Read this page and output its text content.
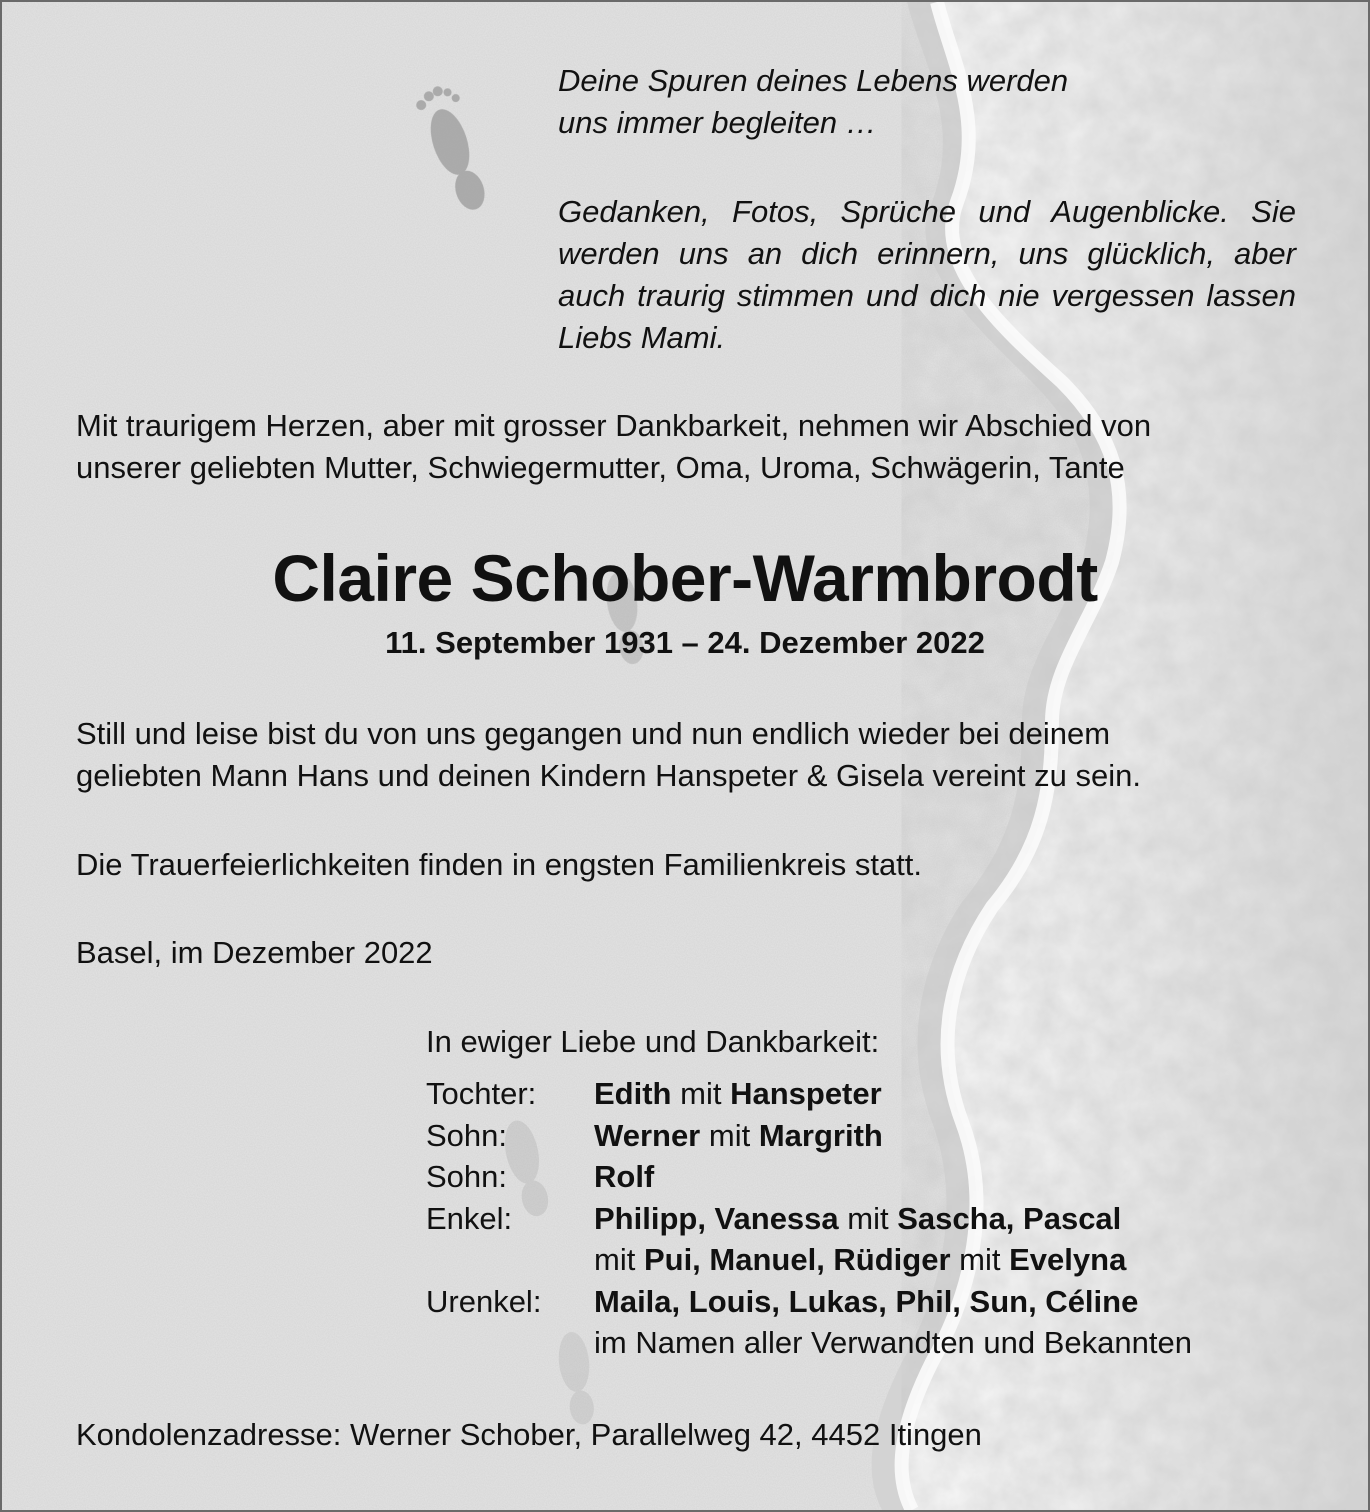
Deine Spuren deines Lebens werden
uns immer begleiten …
Gedanken, Fotos, Sprüche und Augenblicke. Sie werden uns an dich erinnern, uns glücklich, aber auch traurig stimmen und dich nie vergessen lassen Liebs Mami.
Mit traurigem Herzen, aber mit grosser Dankbarkeit, nehmen wir Abschied von
unserer geliebten Mutter, Schwiegermutter, Oma, Uroma, Schwägerin, Tante
Claire Schober-Warmbrodt
11. September 1931 – 24. Dezember 2022
Still und leise bist du von uns gegangen und nun endlich wieder bei deinem
geliebten Mann Hans und deinen Kindern Hanspeter & Gisela vereint zu sein.
Die Trauerfeierlichkeiten finden in engsten Familienkreis statt.
Basel, im Dezember 2022
In ewiger Liebe und Dankbarkeit:
Tochter:	Edith mit Hanspeter
Sohn:	Werner mit Margrith
Sohn:	Rolf
Enkel:	Philipp, Vanessa mit Sascha, Pascal
mit Pui, Manuel, Rüdiger mit Evelyna
Urenkel:	Maila, Louis, Lukas, Phil, Sun, Céline
im Namen aller Verwandten und Bekannten
Kondolenzadresse: Werner Schober, Parallelweg 42, 4452 Itingen
